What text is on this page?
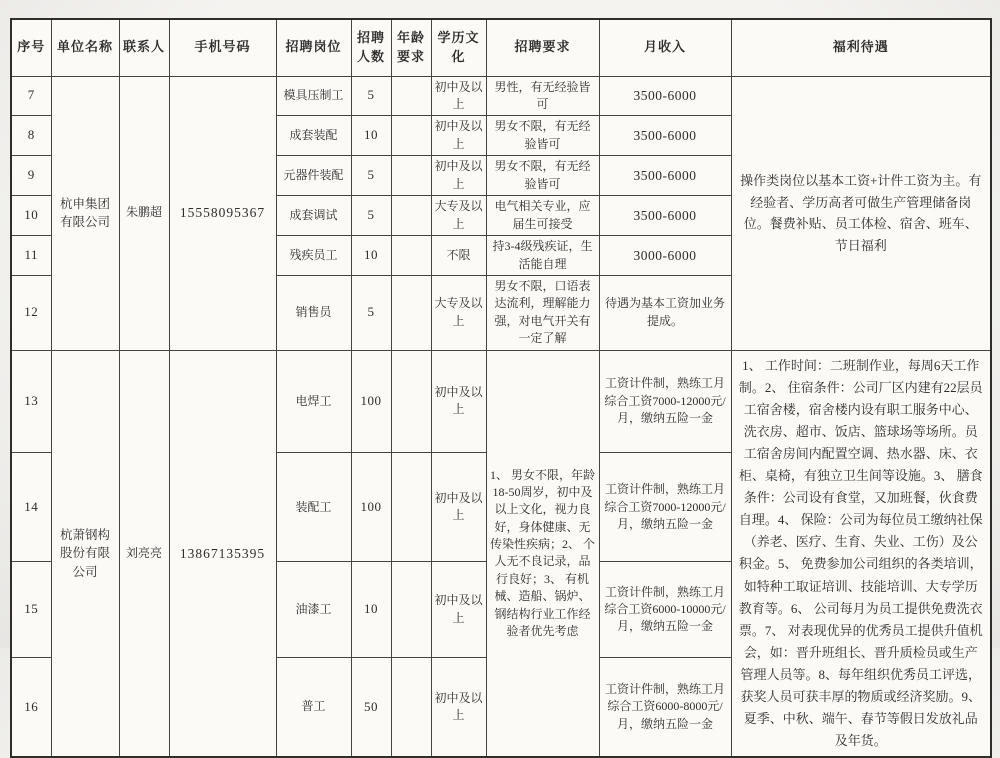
序号	单位名称	联系人	手机号码	招聘岗位	招聘人数	年龄要求	学历文化	招聘要求	月收入	福利待遇
7	杭申集团有限公司	朱鹏超	15558095367	模具压制工	5		初中及以上	男性，有无经验皆可	3500-6000	操作类岗位以基本工资+计件工资为主。有经验者、学历高者可做生产管理储备岗位。餐费补贴、员工体检、宿舍、班车、节日福利
8				成套装配	10		初中及以上	男女不限，有无经验皆可	3500-6000	
9				元器件装配	5		初中及以上	男女不限，有无经验皆可	3500-6000	
10				成套调试	5		大专及以上	电气相关专业，应届生可接受	3500-6000	
11				残疾员工	10		不限	持3-4级残疾证，生活能自理	3000-6000	
12				销售员	5		大专及以上	男女不限，口语表达流利，理解能力强，对电气开关有一定了解	待遇为基本工资加业务提成。	
13	杭萧钢构股份有限公司	刘亮亮	13867135395	电焊工	100		初中及以上	1、 男女不限，年龄18-50周岁，初中及以上文化，视力良好，身体健康、无传染性疾病；2、 个人无不良记录，品行良好；3、 有机械、造船、锅炉、钢结构行业工作经验者优先考虑	工资计件制，熟练工月综合工资7000-12000元/月，缴纳五险一金	1、 工作时间：二班制作业，每周6天工作制。2、 住宿条件：公司厂区内建有22层员工宿舍楼，宿舍楼内设有职工服务中心、洗衣房、超市、饭店、篮球场等场所。员工宿舍房间内配置空调、热水器、床、衣柜、桌椅，有独立卫生间等设施。3、 膳食条件：公司设有食堂，又加班餐，伙食费自理。4、 保险：公司为每位员工缴纳社保（养老、医疗、生育、失业、工伤）及公积金。5、 免费参加公司组织的各类培训，如特种工取证培训、技能培训、大专学历教育等。6、 公司每月为员工提供免费洗衣票。7、 对表现优异的优秀员工提供升值机会，如：晋升班组长、晋升质检员或生产管理人员等。8、每年组织优秀员工评选，获奖人员可获丰厚的物质或经济奖励。9、 夏季、中秋、端午、春节等假日发放礼品及年货。
14				装配工	100		初中及以上		工资计件制，熟练工月综合工资7000-12000元/月，缴纳五险一金	
15				油漆工	10		初中及以上		工资计件制，熟练工月综合工资6000-10000元/月，缴纳五险一金	
16				普工	50		初中及以上		工资计件制，熟练工月综合工资6000-8000元/月，缴纳五险一金	
